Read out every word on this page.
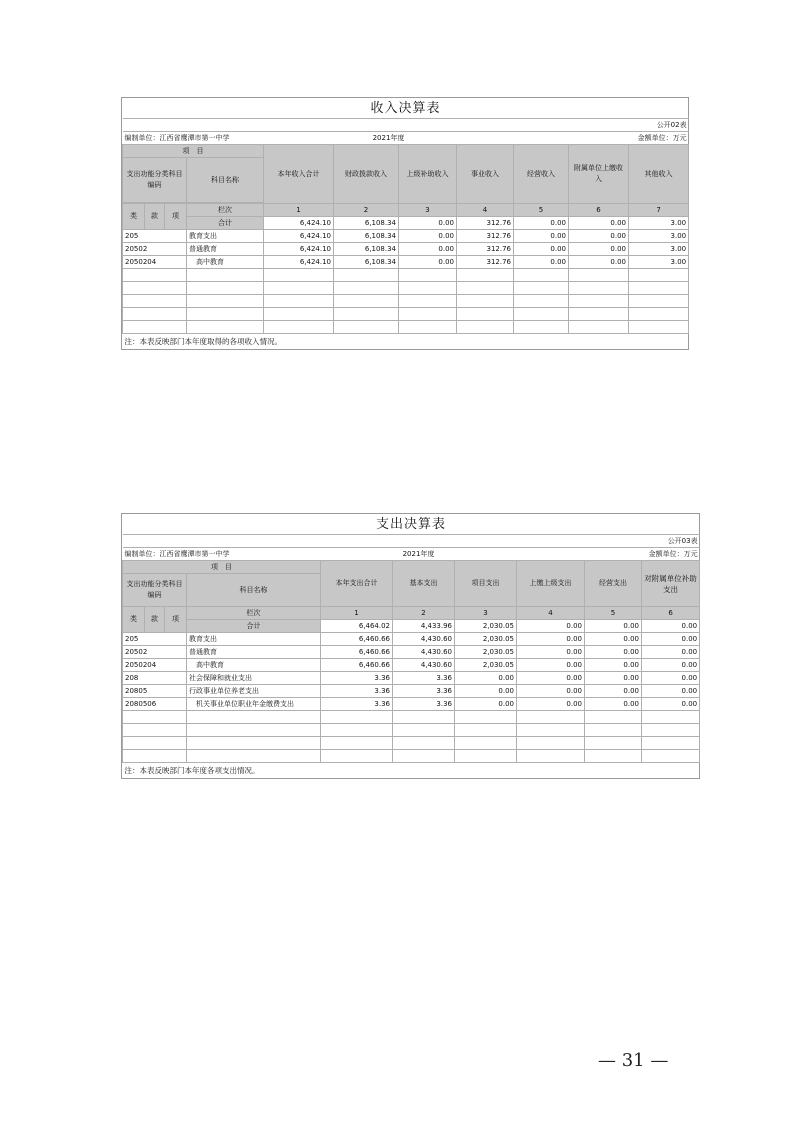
收入决算表										
									公开02表	
编制单位：江西省鹰潭市第一中学				2021年度				金额单位：万元		
项　目				本年收入合计	财政拨款收入	上级补助收入	事业收入	经营收入	附属单位上缴收入	其他收入
支出功能分类科目编码			科目名称							

类	款	项	栏次	1	2	3	4	5	6	7
			合计	6,424.10	6,108.34	0.00	312.76	0.00	0.00	3.00
205			教育支出	6,424.10	6,108.34	0.00	312.76	0.00	0.00	3.00
20502			普通教育	6,424.10	6,108.34	0.00	312.76	0.00	0.00	3.00
2050204			　高中教育	6,424.10	6,108.34	0.00	312.76	0.00	0.00	3.00

注：本表反映部门本年度取得的各项收入情况。										
支出决算表									
								公开03表	
编制单位：江西省鹰潭市第一中学				2021年度			金额单位：万元		
项　目				本年支出合计	基本支出	项目支出	上缴上级支出	经营支出	对附属单位补助支出
支出功能分类科目编码			科目名称						
类	款	项	栏次	1	2	3	4	5	6
			合计	6,464.02	4,433.96	2,030.05	0.00	0.00	0.00
205			教育支出	6,460.66	4,430.60	2,030.05	0.00	0.00	0.00
20502			普通教育	6,460.66	4,430.60	2,030.05	0.00	0.00	0.00
2050204			　高中教育	6,460.66	4,430.60	2,030.05	0.00	0.00	0.00
208			社会保障和就业支出	3.36	3.36	0.00	0.00	0.00	0.00
20805			行政事业单位养老支出	3.36	3.36	0.00	0.00	0.00	0.00
2080506			　机关事业单位职业年金缴费支出	3.36	3.36	0.00	0.00	0.00	0.00

注：本表反映部门本年度各项支出情况。									
— 31 —
